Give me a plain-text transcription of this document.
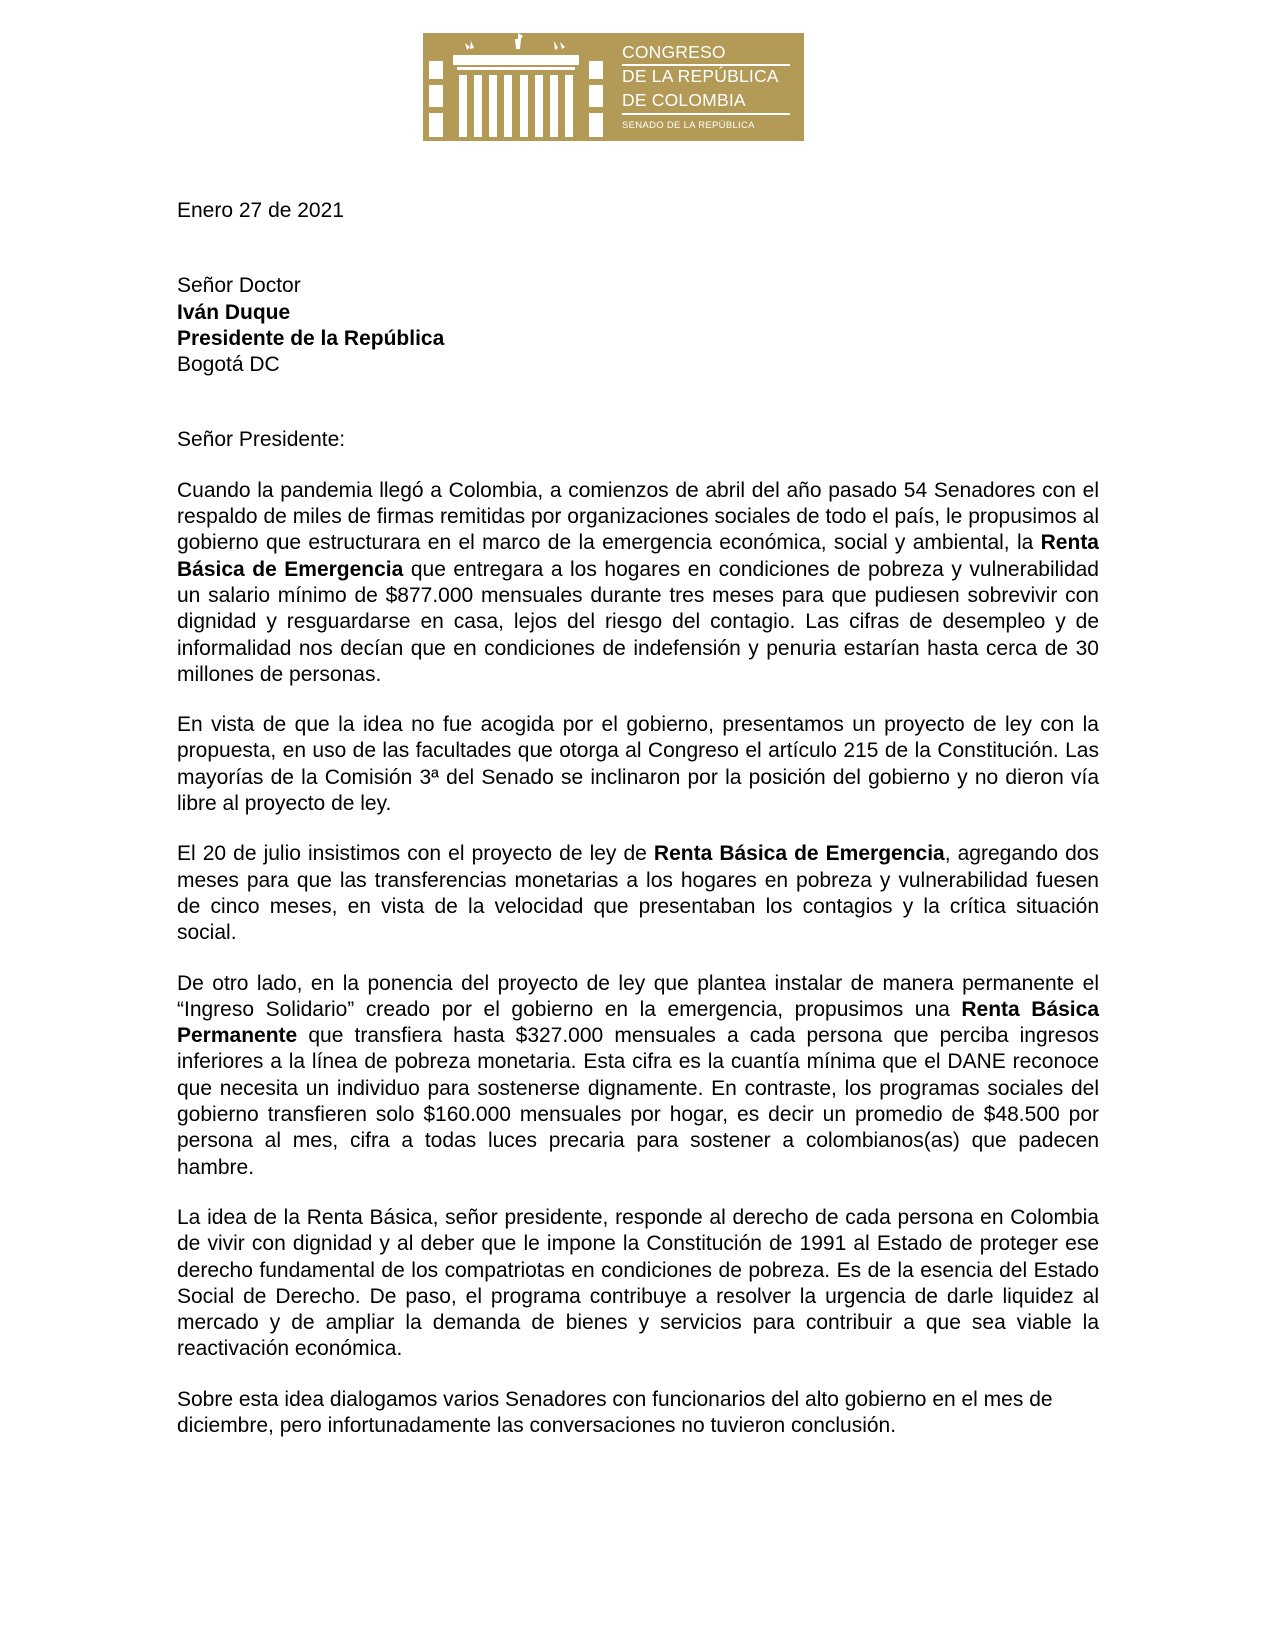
CONGRESO
DE LA REPÚBLICA
DE COLOMBIA
SENADO DE LA REPÚBLICA

Enero 27 de 2021

Señor Doctor
Iván Duque
Presidente de la República
Bogotá DC

Señor Presidente:

Cuando la pandemia llegó a Colombia, a comienzos de abril del año pasado 54 Senadores con el respaldo de miles de firmas remitidas por organizaciones sociales de todo el país, le propusimos al gobierno que estructurara en el marco de la emergencia económica, social y ambiental, la Renta Básica de Emergencia que entregara a los hogares en condiciones de pobreza y vulnerabilidad un salario mínimo de $877.000 mensuales durante tres meses para que pudiesen sobrevivir con dignidad y resguardarse en casa, lejos del riesgo del contagio. Las cifras de desempleo y de informalidad nos decían que en condiciones de indefensión y penuria estarían hasta cerca de 30 millones de personas.

En vista de que la idea no fue acogida por el gobierno, presentamos un proyecto de ley con la propuesta, en uso de las facultades que otorga al Congreso el artículo 215 de la Constitución. Las mayorías de la Comisión 3ª del Senado se inclinaron por la posición del gobierno y no dieron vía libre al proyecto de ley.

El 20 de julio insistimos con el proyecto de ley de Renta Básica de Emergencia, agregando dos meses para que las transferencias monetarias a los hogares en pobreza y vulnerabilidad fuesen de cinco meses, en vista de la velocidad que presentaban los contagios y la crítica situación social.

De otro lado, en la ponencia del proyecto de ley que plantea instalar de manera permanente el “Ingreso Solidario” creado por el gobierno en la emergencia, propusimos una Renta Básica Permanente que transfiera hasta $327.000 mensuales a cada persona que perciba ingresos inferiores a la línea de pobreza monetaria. Esta cifra es la cuantía mínima que el DANE reconoce que necesita un individuo para sostenerse dignamente. En contraste, los programas sociales del gobierno transfieren solo $160.000 mensuales por hogar, es decir un promedio de $48.500 por persona al mes, cifra a todas luces precaria para sostener a colombianos(as) que padecen hambre.

La idea de la Renta Básica, señor presidente, responde al derecho de cada persona en Colombia de vivir con dignidad y al deber que le impone la Constitución de 1991 al Estado de proteger ese derecho fundamental de los compatriotas en condiciones de pobreza. Es de la esencia del Estado Social de Derecho. De paso, el programa contribuye a resolver la urgencia de darle liquidez al mercado y de ampliar la demanda de bienes y servicios para contribuir a que sea viable la reactivación económica.

Sobre esta idea dialogamos varios Senadores con funcionarios del alto gobierno en el mes de diciembre, pero infortunadamente las conversaciones no tuvieron conclusión.
